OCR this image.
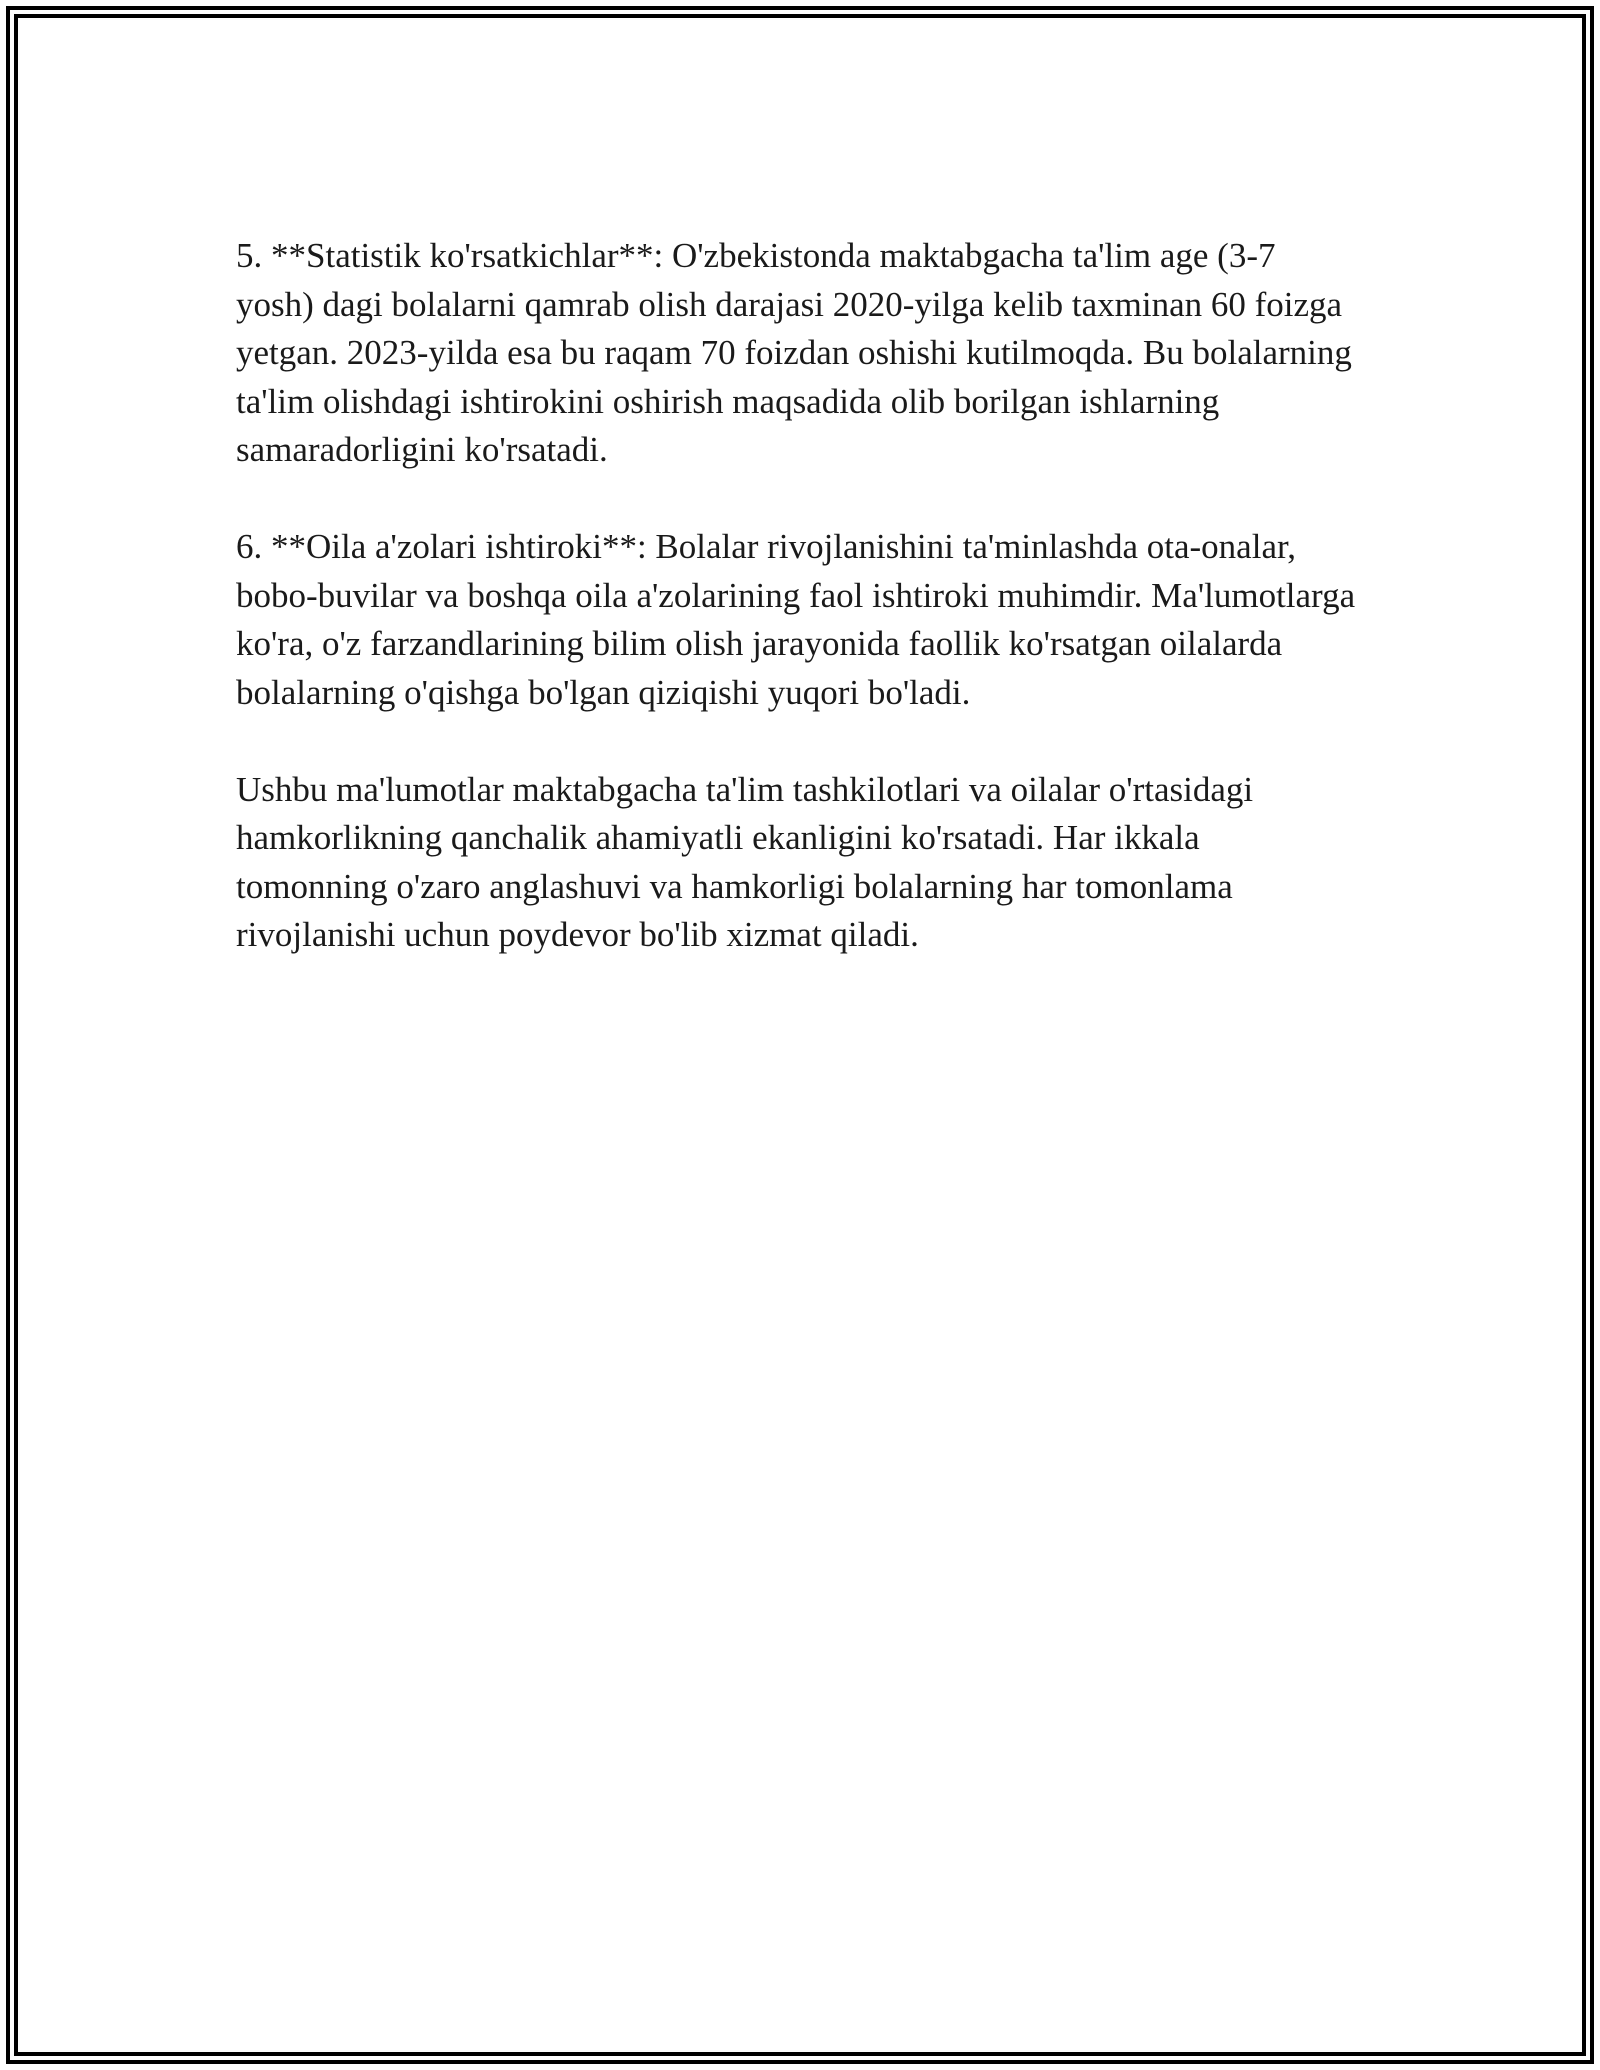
5. **Statistik ko'rsatkichlar**: O'zbekistonda maktabgacha ta'lim age (3-7 yosh) dagi bolalarni qamrab olish darajasi 2020-yilga kelib taxminan 60 foizga yetgan. 2023-yilda esa bu raqam 70 foizdan oshishi kutilmoqda. Bu bolalarning ta'lim olishdagi ishtirokini oshirish maqsadida olib borilgan ishlarning samaradorligini ko'rsatadi.

6. **Oila a'zolari ishtiroki**: Bolalar rivojlanishini ta'minlashda ota-onalar, bobo-buvilar va boshqa oila a'zolarining faol ishtiroki muhimdir. Ma'lumotlarga ko'ra, o'z farzandlarining bilim olish jarayonida faollik ko'rsatgan oilalarda bolalarning o'qishga bo'lgan qiziqishi yuqori bo'ladi.

Ushbu ma'lumotlar maktabgacha ta'lim tashkilotlari va oilalar o'rtasidagi hamkorlikning qanchalik ahamiyatli ekanligini ko'rsatadi. Har ikkala tomonning o'zaro anglashuvi va hamkorligi bolalarning har tomonlama rivojlanishi uchun poydevor bo'lib xizmat qiladi.
